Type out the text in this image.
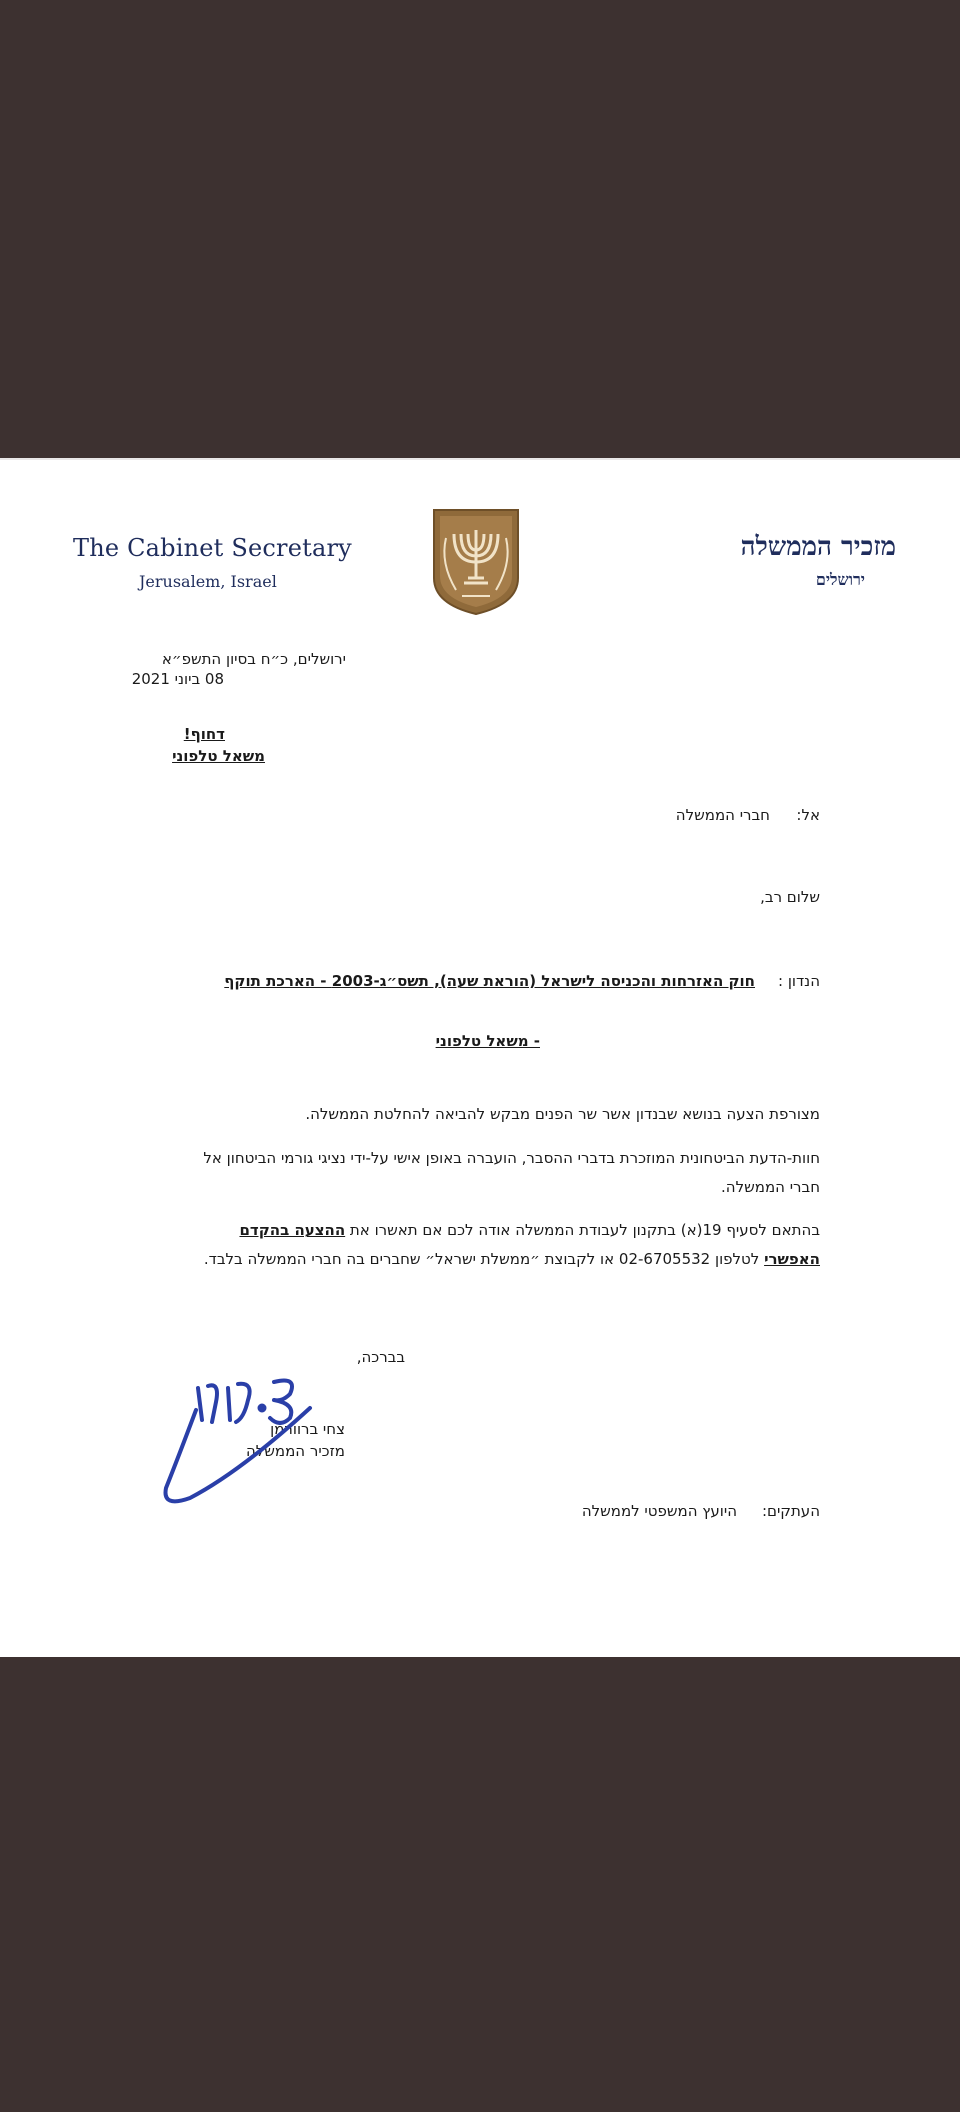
The Cabinet Secretary
Jerusalem, Israel
מזכיר הממשלה
ירושלים
ירושלים, כ״ח בסיון התשפ״א
08 ביוני 2021
דחוף!
משאל טלפוני
אל:
חברי הממשלה
שלום רב,
הנדון :
חוק האזרחות והכניסה לישראל (הוראת שעה), תשס״ג-2003 - הארכת תוקף
- משאל טלפוני
מצורפת הצעה בנושא שבנדון אשר שר הפנים מבקש להביאה להחלטת הממשלה.
חוות-הדעת הביטחונית המוזכרת בדברי ההסבר, הועברה באופן אישי על-ידי נציגי גורמי הביטחון אל חברי הממשלה.
בהתאם לסעיף 19(א) בתקנון לעבודת הממשלה אודה לכם אם תאשרו את ההצעה בהקדם האפשרי לטלפון 02-6705532 או לקבוצת ״ממשלת ישראל״ שחברים בה חברי הממשלה בלבד.
בברכה,
צחי ברוורמן
מזכיר הממשלה
העתקים:
היועץ המשפטי לממשלה
